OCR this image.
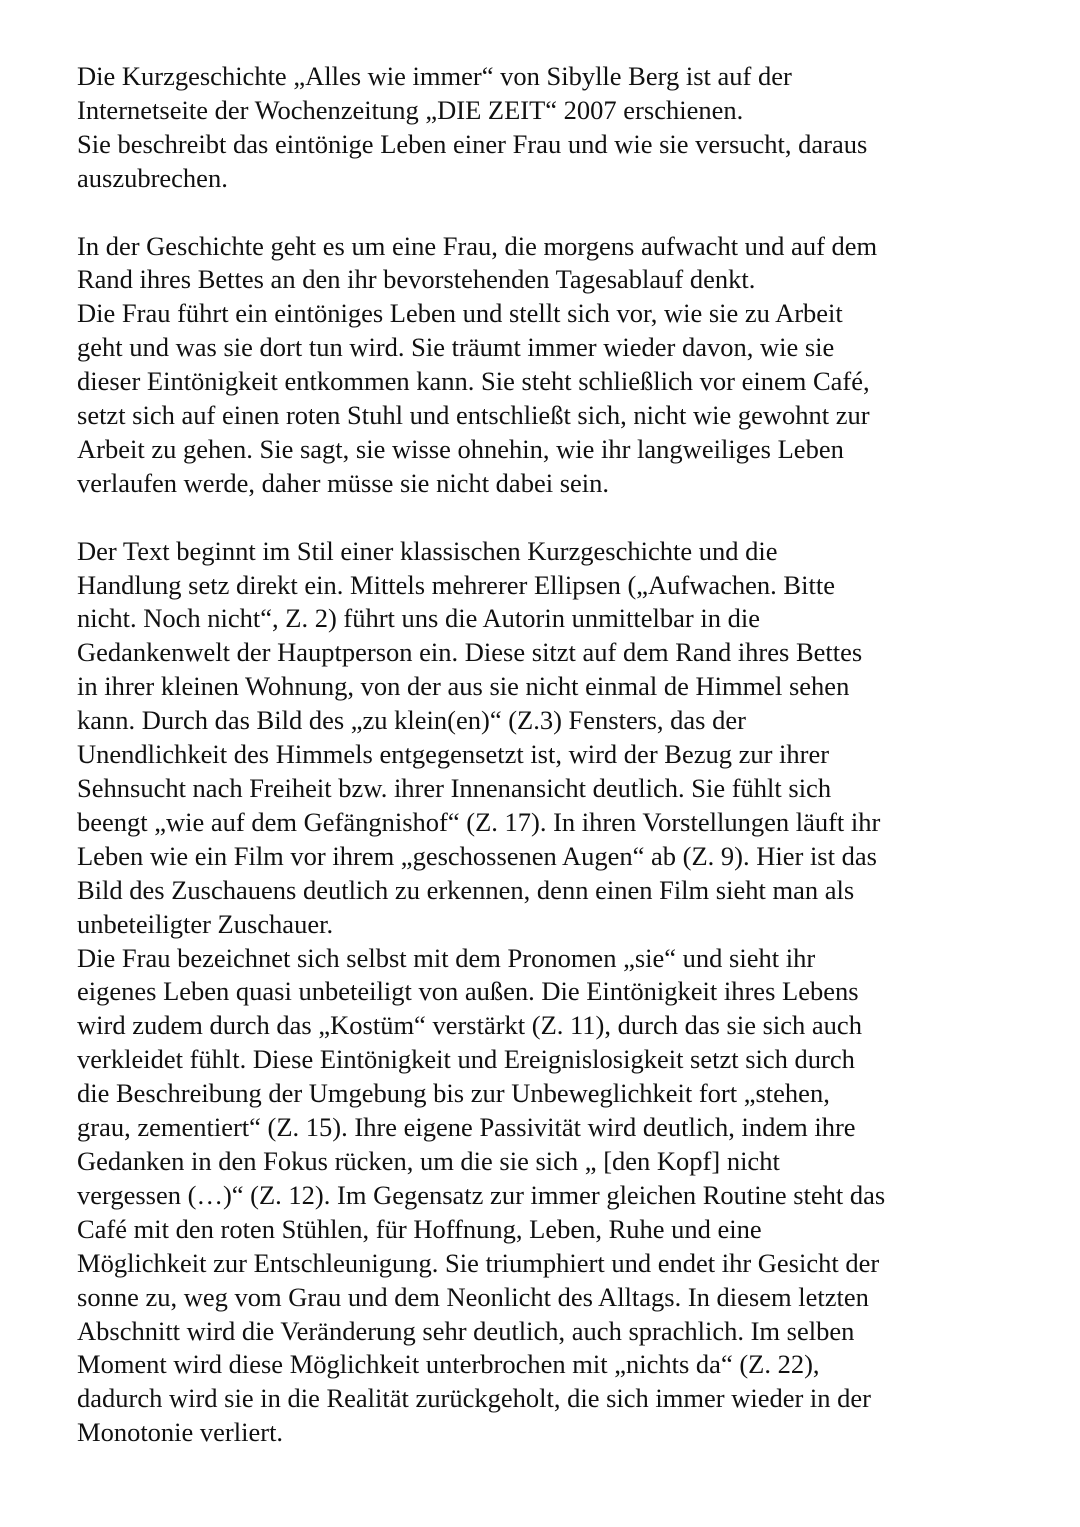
Die Kurzgeschichte „Alles wie immer“ von Sibylle Berg ist auf der
Internetseite der Wochenzeitung „DIE ZEIT“ 2007 erschienen.
Sie beschreibt das eintönige Leben einer Frau und wie sie versucht, daraus
auszubrechen.

In der Geschichte geht es um eine Frau, die morgens aufwacht und auf dem
Rand ihres Bettes an den ihr bevorstehenden Tagesablauf denkt.
Die Frau führt ein eintöniges Leben und stellt sich vor, wie sie zu Arbeit
geht und was sie dort tun wird. Sie träumt immer wieder davon, wie sie
dieser Eintönigkeit entkommen kann. Sie steht schließlich vor einem Café,
setzt sich auf einen roten Stuhl und entschließt sich, nicht wie gewohnt zur
Arbeit zu gehen. Sie sagt, sie wisse ohnehin, wie ihr langweiliges Leben
verlaufen werde, daher müsse sie nicht dabei sein.

Der Text beginnt im Stil einer klassischen Kurzgeschichte und die
Handlung setz direkt ein. Mittels mehrerer Ellipsen („Aufwachen. Bitte
nicht. Noch nicht“, Z. 2) führt uns die Autorin unmittelbar in die
Gedankenwelt der Hauptperson ein. Diese sitzt auf dem Rand ihres Bettes
in ihrer kleinen Wohnung, von der aus sie nicht einmal de Himmel sehen
kann. Durch das Bild des „zu klein(en)“ (Z.3) Fensters, das der
Unendlichkeit des Himmels entgegensetzt ist, wird der Bezug zur ihrer
Sehnsucht nach Freiheit bzw. ihrer Innenansicht deutlich. Sie fühlt sich
beengt „wie auf dem Gefängnishof“ (Z. 17). In ihren Vorstellungen läuft ihr
Leben wie ein Film vor ihrem „geschossenen Augen“ ab (Z. 9). Hier ist das
Bild des Zuschauens deutlich zu erkennen, denn einen Film sieht man als
unbeteiligter Zuschauer.
Die Frau bezeichnet sich selbst mit dem Pronomen „sie“ und sieht ihr
eigenes Leben quasi unbeteiligt von außen. Die Eintönigkeit ihres Lebens
wird zudem durch das „Kostüm“ verstärkt (Z. 11), durch das sie sich auch
verkleidet fühlt. Diese Eintönigkeit und Ereignislosigkeit setzt sich durch
die Beschreibung der Umgebung bis zur Unbeweglichkeit fort „stehen,
grau, zementiert“ (Z. 15). Ihre eigene Passivität wird deutlich, indem ihre
Gedanken in den Fokus rücken, um die sie sich „ [den Kopf] nicht
vergessen (…)“ (Z. 12). Im Gegensatz zur immer gleichen Routine steht das
Café mit den roten Stühlen, für Hoffnung, Leben, Ruhe und eine
Möglichkeit zur Entschleunigung. Sie triumphiert und endet ihr Gesicht der
sonne zu, weg vom Grau und dem Neonlicht des Alltags. In diesem letzten
Abschnitt wird die Veränderung sehr deutlich, auch sprachlich. Im selben
Moment wird diese Möglichkeit unterbrochen mit „nichts da“ (Z. 22),
dadurch wird sie in die Realität zurückgeholt, die sich immer wieder in der
Monotonie verliert.
